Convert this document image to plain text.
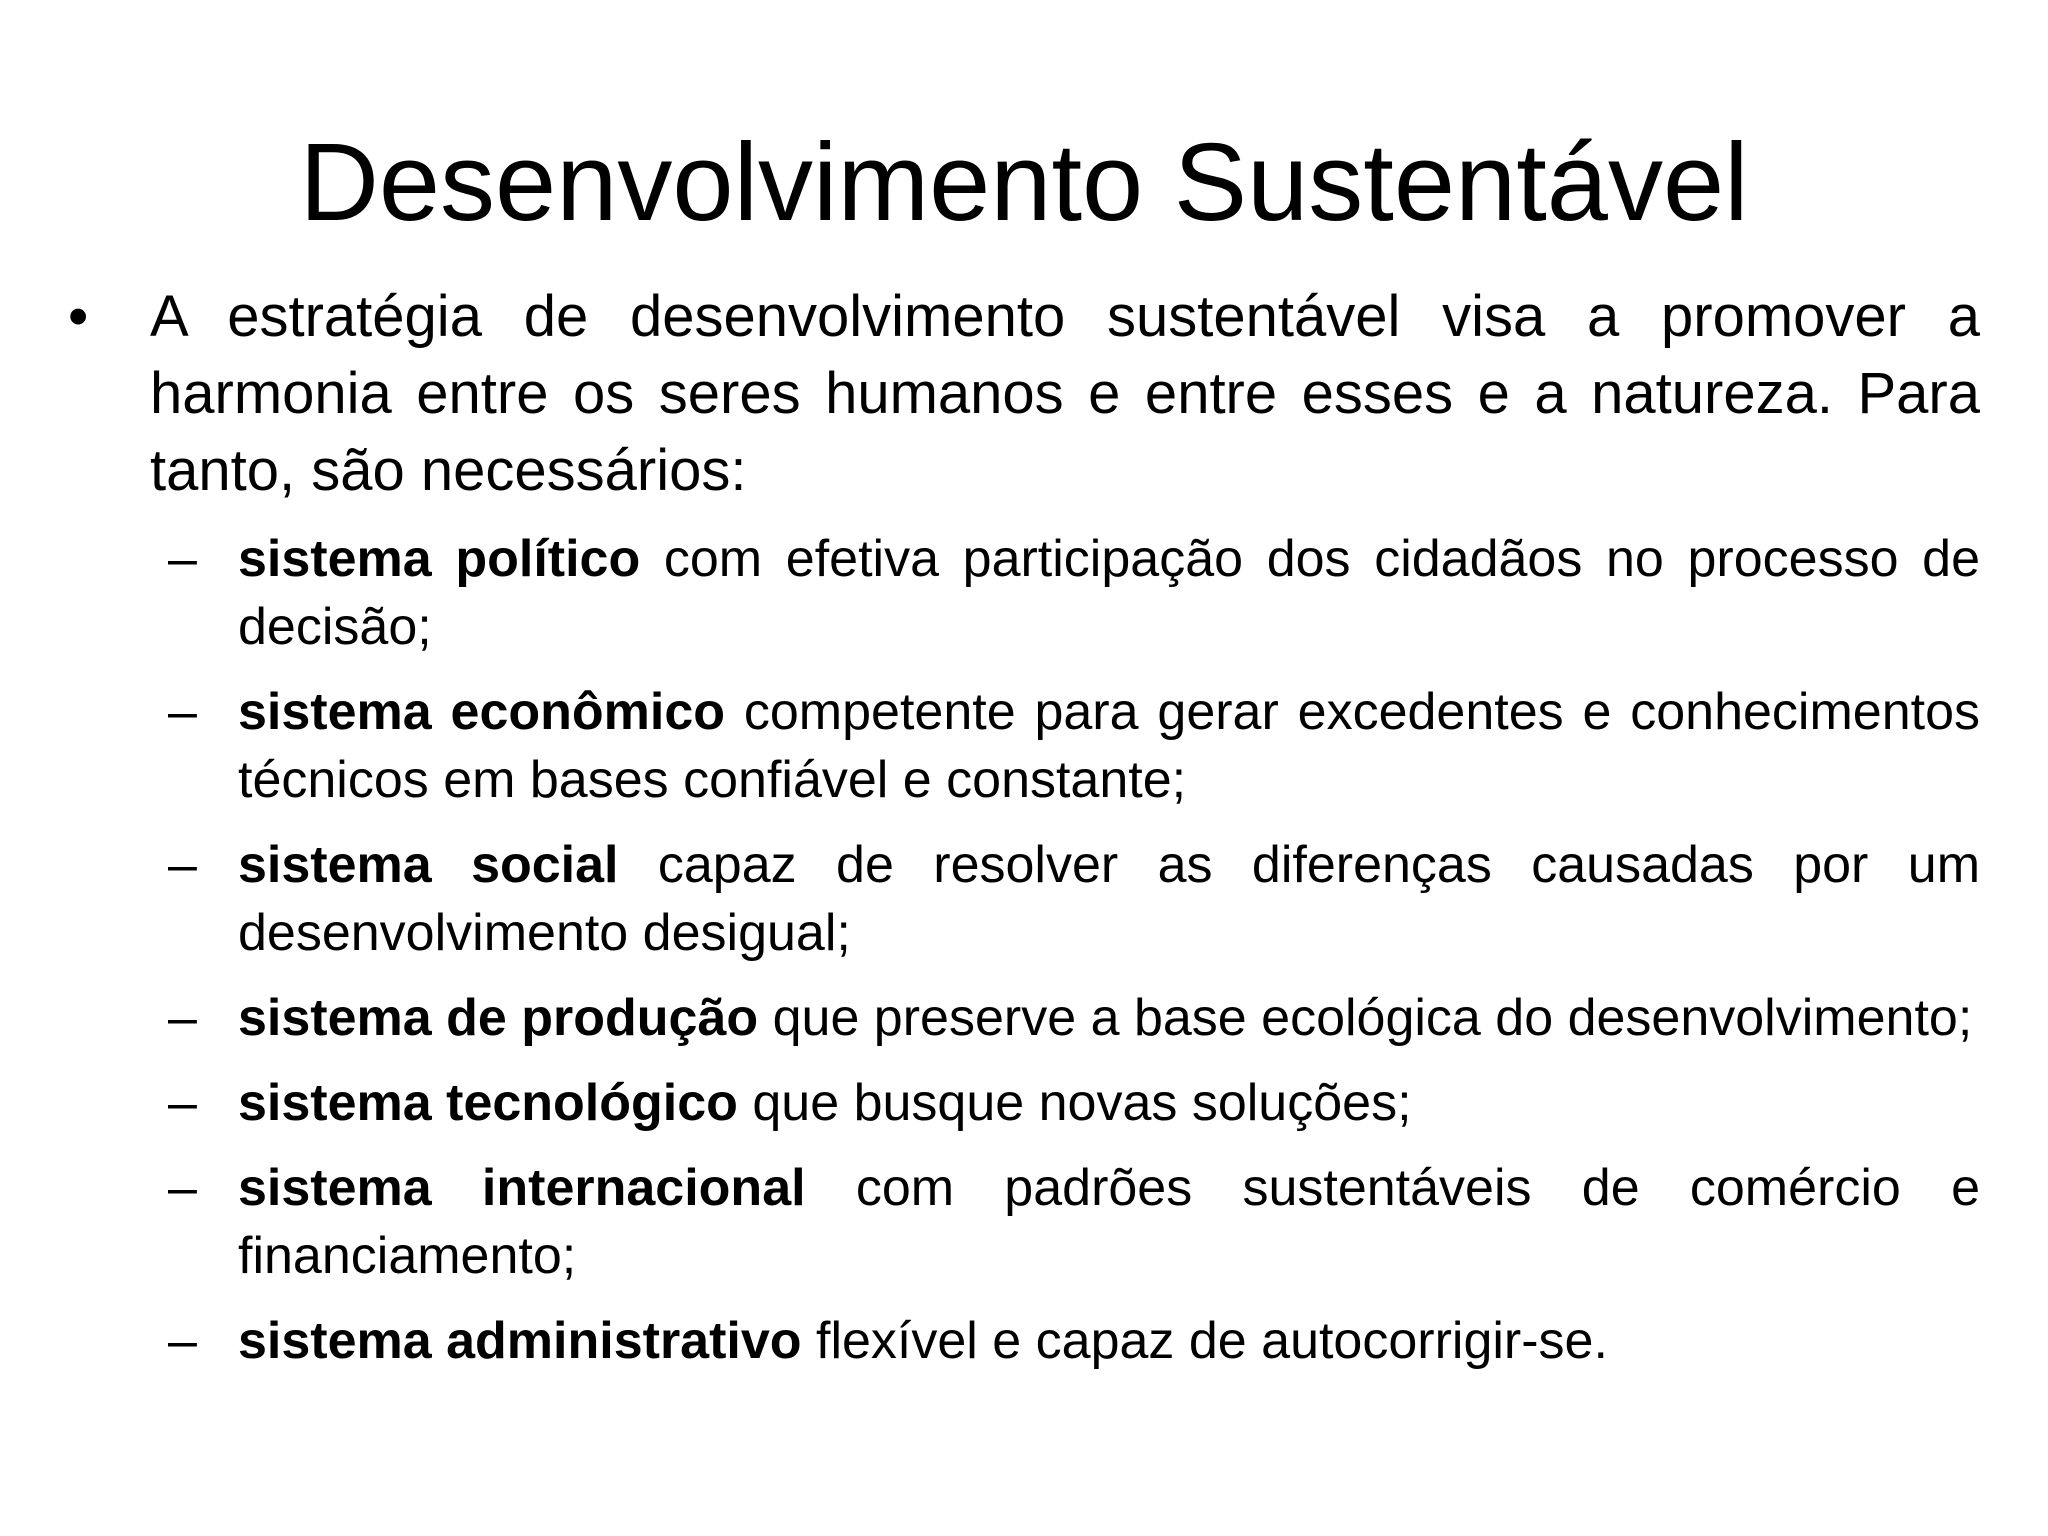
Desenvolvimento Sustentável
•	A estratégia de desenvolvimento sustentável visa a promover a harmonia entre os seres humanos e entre esses e a natureza. Para tanto, são necessários:
– sistema político com efetiva participação dos cidadãos no processo de decisão;
– sistema econômico competente para gerar excedentes e conhecimentos técnicos em bases confiável e constante;
– sistema social capaz de resolver as diferenças causadas por um desenvolvimento desigual;
– sistema de produção que preserve a base ecológica do desenvolvimento;
– sistema tecnológico que busque novas soluções;
– sistema internacional com padrões sustentáveis de comércio e financiamento;
– sistema administrativo flexível e capaz de autocorrigir-se.
